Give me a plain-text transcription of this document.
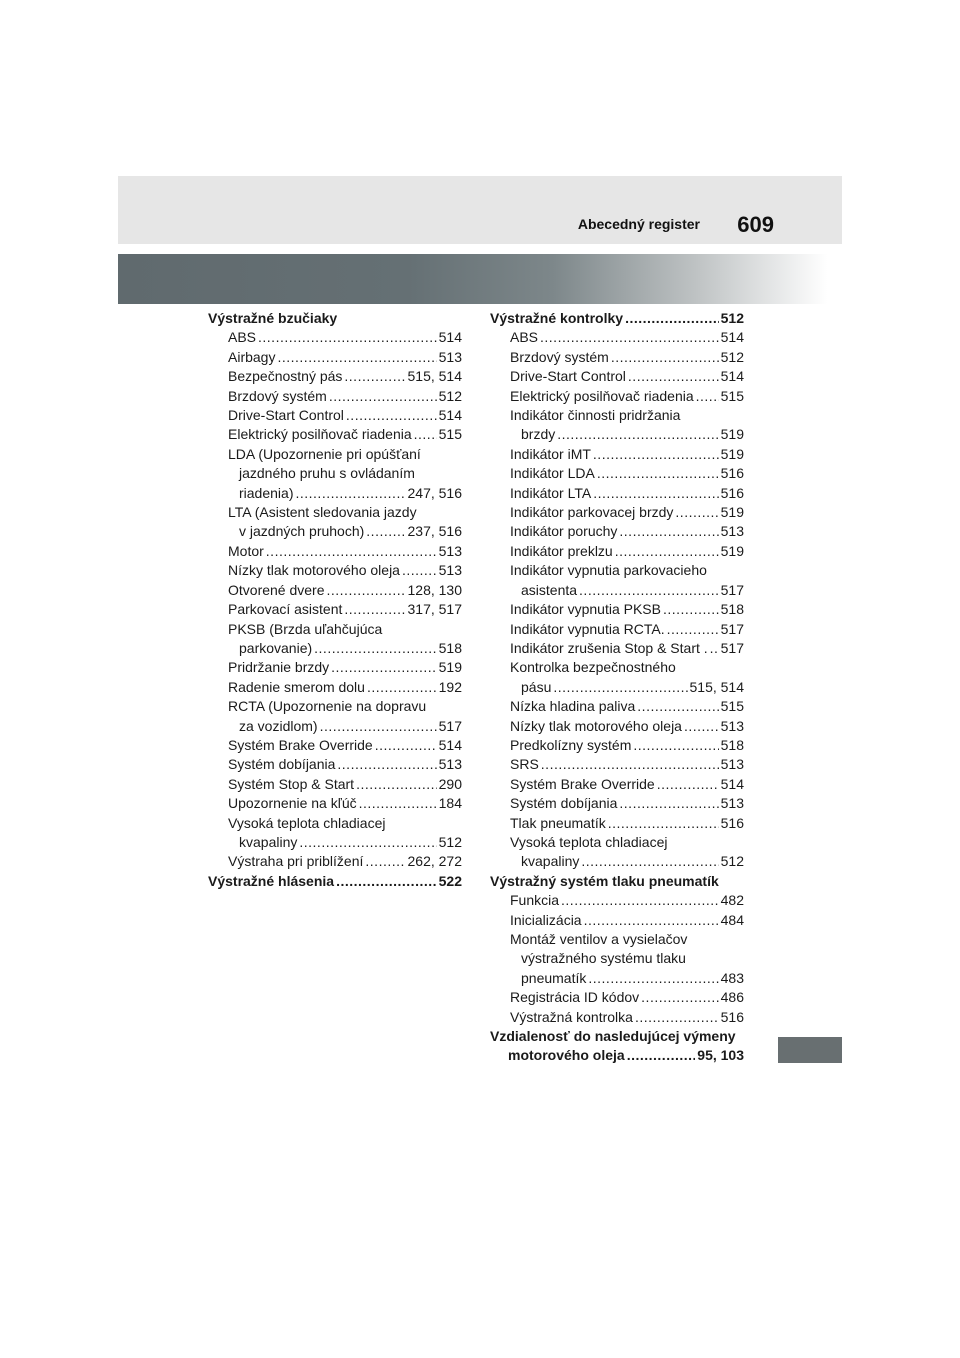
Abecedný register 609
Výstražné bzučiaky
ABS .....	514
Airbagy .....	513
Bezpečnostný pás .....	515, 514
Brzdový systém .....	512
Drive-Start Control .....	514
Elektrický posilňovač riadenia ..... 515
LDA (Upozornenie pri opúšťaní
jazdného pruhu s ovládaním
riadenia) .....	247, 516
LTA (Asistent sledovania jazdy
v jazdných pruhoch) .....	237, 516
Motor .....	513
Nízky tlak motorového oleja .....	513
Otvorené dvere .....	128, 130
Parkovací asistent .....	317, 517
PKSB (Brzda uľahčujúca
parkovanie) .....	518
Pridržanie brzdy .....	519
Radenie smerom dolu .....	192
RCTA (Upozornenie na dopravu
za vozidlom) .....	517
Systém Brake Override .....	514
Systém dobíjania .....	513
Systém Stop & Start .....	290
Upozornenie na kľúč .....	184
Vysoká teplota chladiacej
kvapaliny .....	512
Výstraha pri priblížení .....	262, 272
Výstražné hlásenia .....	522
Výstražné kontrolky .....	512
ABS .....	514
Brzdový systém .....	512
Drive-Start Control .....	514
Elektrický posilňovač riadenia ..... 515
Indikátor činnosti pridržania
brzdy .....	519
Indikátor iMT .....	519
Indikátor LDA .....	516
Indikátor LTA .....	516
Indikátor parkovacej brzdy .....	519
Indikátor poruchy .....	513
Indikátor preklzu .....	519
Indikátor vypnutia parkovacieho
asistenta .....	517
Indikátor vypnutia PKSB .....	518
Indikátor vypnutia RCTA. .....	517
Indikátor zrušenia Stop & Start . ..... 517
Kontrolka bezpečnostného
pásu .....	515, 514
Nízka hladina paliva .....	515
Nízky tlak motorového oleja .....	513
Predkolízny systém .....	518
SRS .....	513
Systém Brake Override .....	514
Systém dobíjania .....	513
Tlak pneumatík .....	516
Vysoká teplota chladiacej
kvapaliny .....	512
Výstražný systém tlaku pneumatík
Funkcia .....	482
Inicializácia .....	484
Montáž ventilov a vysielačov
výstražného systému tlaku
pneumatík .....	483
Registrácia ID kódov .....	486
Výstražná kontrolka .....	516
Vzdialenosť do nasledujúcej výmeny
motorového oleja .....	95, 103
